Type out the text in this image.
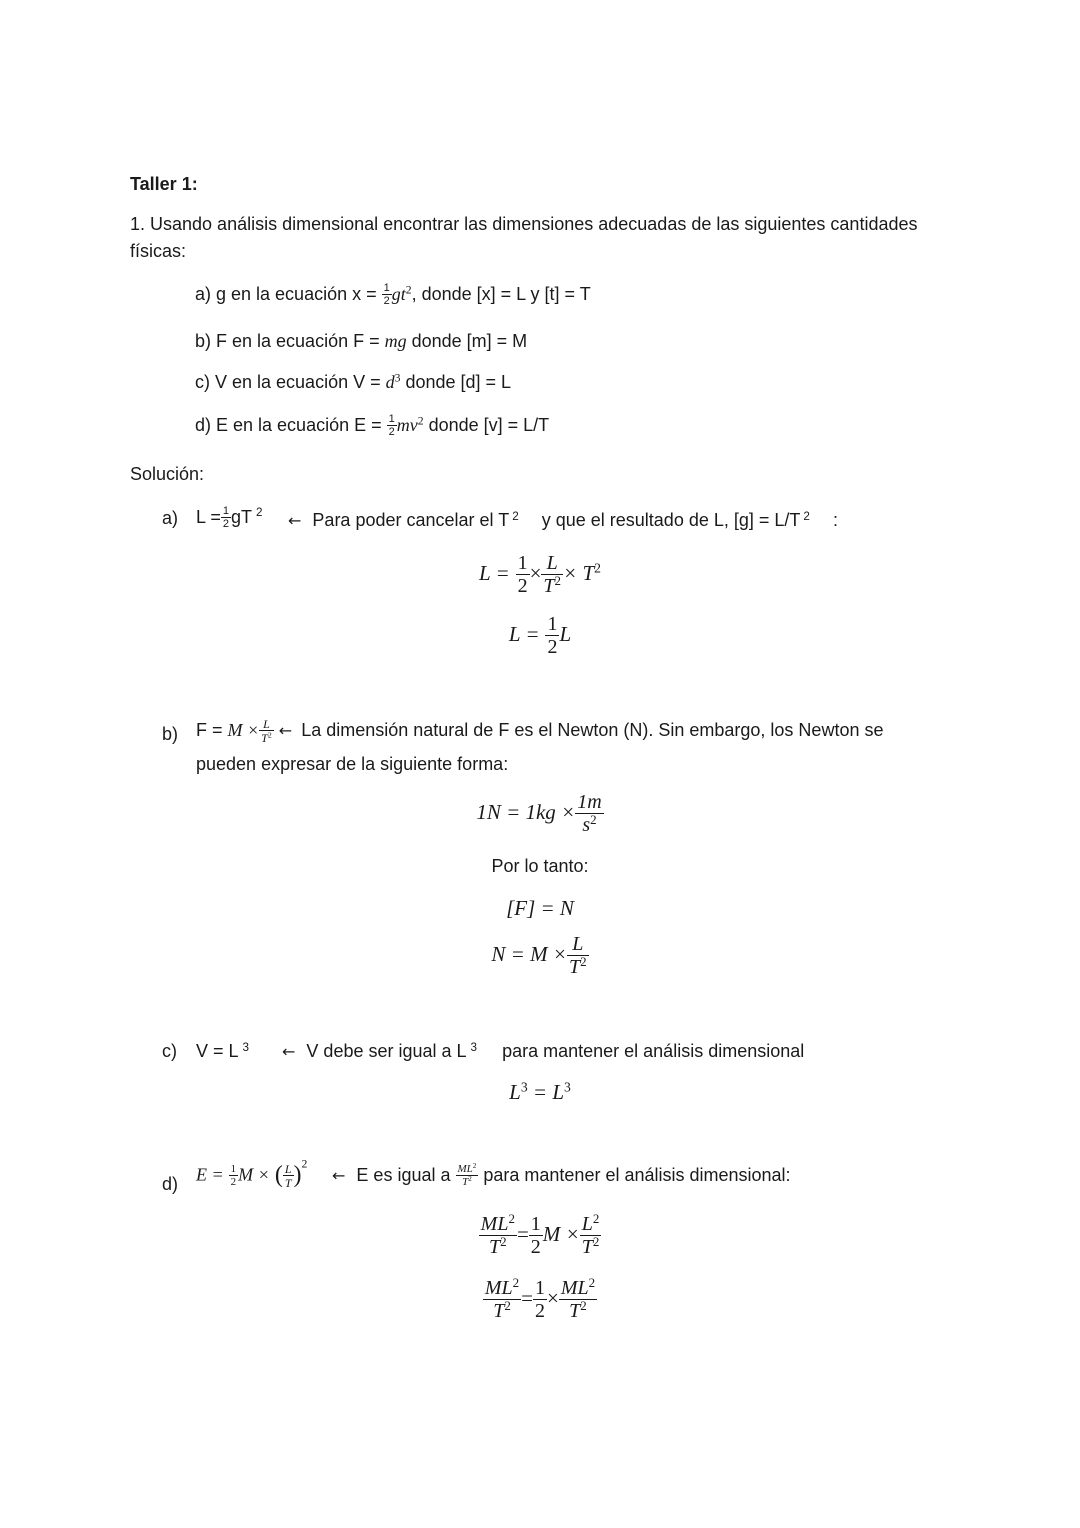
Taller 1:
1. Usando análisis dimensional encontrar las dimensiones adecuadas de las siguientes cantidades
físicas:
a) g en la ecuación $x = \frac{1}{2} gt^2$, donde [x] = L y [t] = T
b) F en la ecuación F = mg donde [m] = M
c) V en la ecuación $V = d^3$ donde [d] = L
d) E en la ecuación $E = \frac{1}{2} mv^2$ donde [v] = L/T
Solución:
a) $L = \frac{1}{2}$ gT $^2$ ← Para poder cancelar el T $^2$ y que el resultado de L, [g] = L/T $^2$ :
$L = \frac{1}{2} \times \frac{L}{T^2} \times T^2$
$L = \frac{1}{2}$ L
b) $F = M \times \frac{L}{T^2}$ ← La dimensión natural de F es el Newton (N). Sin embargo, los Newton se
pueden expresar de la siguiente forma:
$1N = 1kg \times \frac{1m}{s^2}$
Por lo tanto:
[F] = N
$N = M \times \frac{L}{T^2}$
c) V = L $^3$ ← V debe ser igual a L $^3$ para mantener el análisis dimensional
$L^3 = L^3$
d) $E = \frac{1}{2}$ M × ( $\frac{L}{T} )^2$
← E es igual a $\frac{ML^2}{T^2}$ para mantener el análisis dimensional:
$\frac{ML^2}{T^2} = \frac{1}{2}$ $M \times \frac{L^2}{T^2}$
$\frac{ML^2}{T^2} = \frac{1}{2} \times \frac{ML^2}{T^2}$
